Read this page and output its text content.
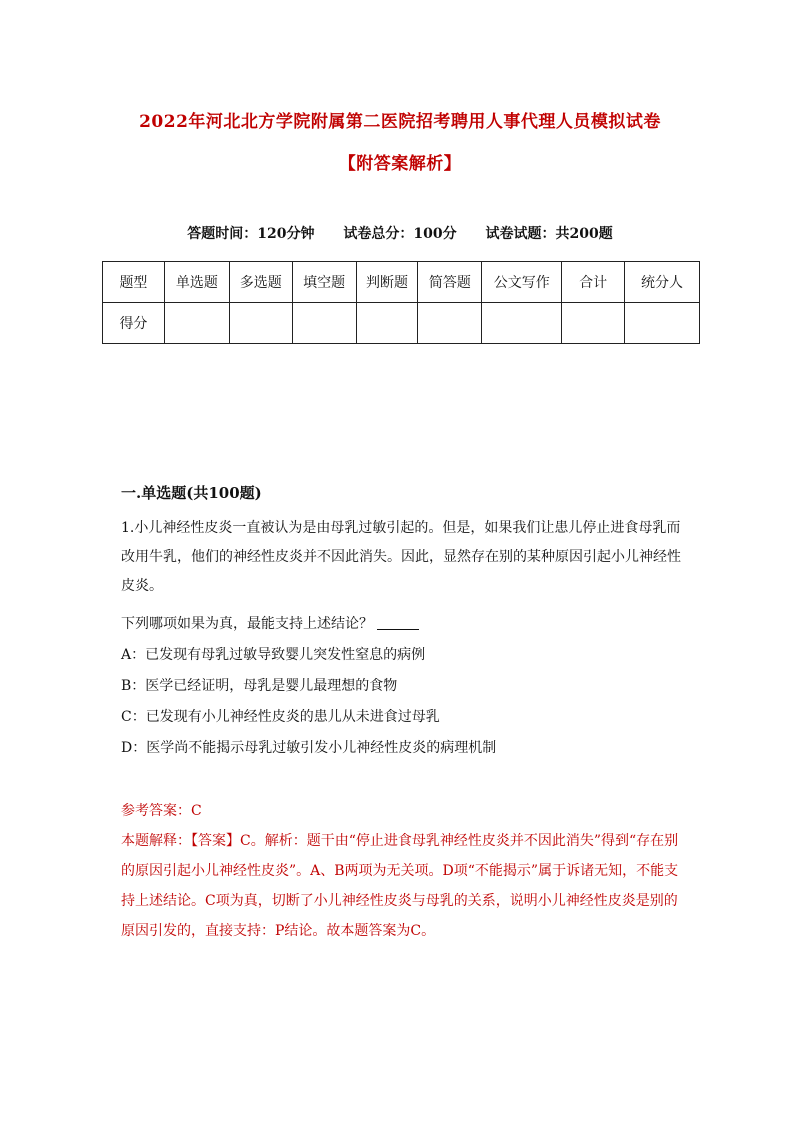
2022年河北北方学院附属第二医院招考聘用人事代理人员模拟试卷
【附答案解析】
答题时间：120分钟 试卷总分：100分 试卷试题：共200题
题型	单选题	多选题	填空题	判断题	简答题	公文写作	合计	统分人
得分								
一.单选题(共100题)
1.小儿神经性皮炎一直被认为是由母乳过敏引起的。但是，如果我们让患儿停止进食母乳而改用牛乳，他们的神经性皮炎并不因此消失。因此，显然存在别的某种原因引起小儿神经性皮炎。
下列哪项如果为真，最能支持上述结论？
A：已发现有母乳过敏导致婴儿突发性窒息的病例
B：医学已经证明，母乳是婴儿最理想的食物
C：已发现有小儿神经性皮炎的患儿从未进食过母乳
D：医学尚不能揭示母乳过敏引发小儿神经性皮炎的病理机制
参考答案：C
本题解释：【答案】C。解析：题干由“停止进食母乳神经性皮炎并不因此消失”得到“存在别的原因引起小儿神经性皮炎”。A、B两项为无关项。D项“不能揭示”属于诉诸无知，不能支持上述结论。C项为真，切断了小儿神经性皮炎与母乳的关系，说明小儿神经性皮炎是别的原因引发的，直接支持：P结论。故本题答案为C。
